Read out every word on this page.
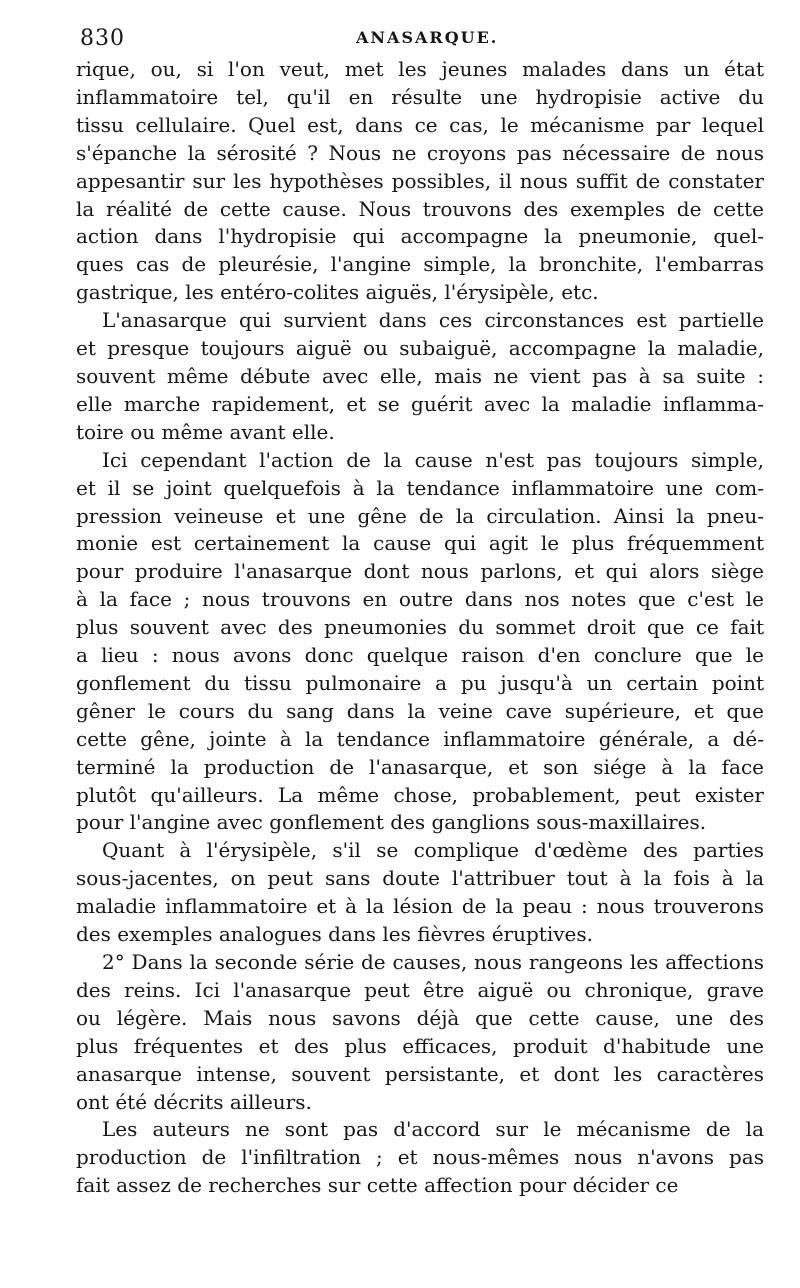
830	ANASARQUE.

rique, ou, si l'on veut, met les jeunes malades dans un état
inflammatoire tel, qu'il en résulte une hydropisie active du
tissu cellulaire. Quel est, dans ce cas, le mécanisme par lequel
s'épanche la sérosité ? Nous ne croyons pas nécessaire de nous
appesantir sur les hypothèses possibles, il nous suffit de constater
la réalité de cette cause. Nous trouvons des exemples de cette
action dans l'hydropisie qui accompagne la pneumonie, quel-
ques cas de pleurésie, l'angine simple, la bronchite, l'embarras
gastrique, les entéro-colites aiguës, l'érysipèle, etc.

L'anasarque qui survient dans ces circonstances est partielle
et presque toujours aiguë ou subaiguë, accompagne la maladie,
souvent même débute avec elle, mais ne vient pas à sa suite :
elle marche rapidement, et se guérit avec la maladie inflamma-
toire ou même avant elle.

Ici cependant l'action de la cause n'est pas toujours simple,
et il se joint quelquefois à la tendance inflammatoire une com-
pression veineuse et une gêne de la circulation. Ainsi la pneu-
monie est certainement la cause qui agit le plus fréquemment
pour produire l'anasarque dont nous parlons, et qui alors siège
à la face ; nous trouvons en outre dans nos notes que c'est le
plus souvent avec des pneumonies du sommet droit que ce fait
a lieu : nous avons donc quelque raison d'en conclure que le
gonflement du tissu pulmonaire a pu jusqu'à un certain point
gêner le cours du sang dans la veine cave supérieure, et que
cette gêne, jointe à la tendance inflammatoire générale, a dé-
terminé la production de l'anasarque, et son siége à la face
plutôt qu'ailleurs. La même chose, probablement, peut exister
pour l'angine avec gonflement des ganglions sous-maxillaires.

Quant à l'érysipèle, s'il se complique d'œdème des parties
sous-jacentes, on peut sans doute l'attribuer tout à la fois à la
maladie inflammatoire et à la lésion de la peau : nous trouverons
des exemples analogues dans les fièvres éruptives.

2° Dans la seconde série de causes, nous rangeons les affections
des reins. Ici l'anasarque peut être aiguë ou chronique, grave
ou légère. Mais nous savons déjà que cette cause, une des
plus fréquentes et des plus efficaces, produit d'habitude une
anasarque intense, souvent persistante, et dont les caractères
ont été décrits ailleurs.

Les auteurs ne sont pas d'accord sur le mécanisme de la
production de l'infiltration ; et nous-mêmes nous n'avons pas
fait assez de recherches sur cette affection pour décider ce
